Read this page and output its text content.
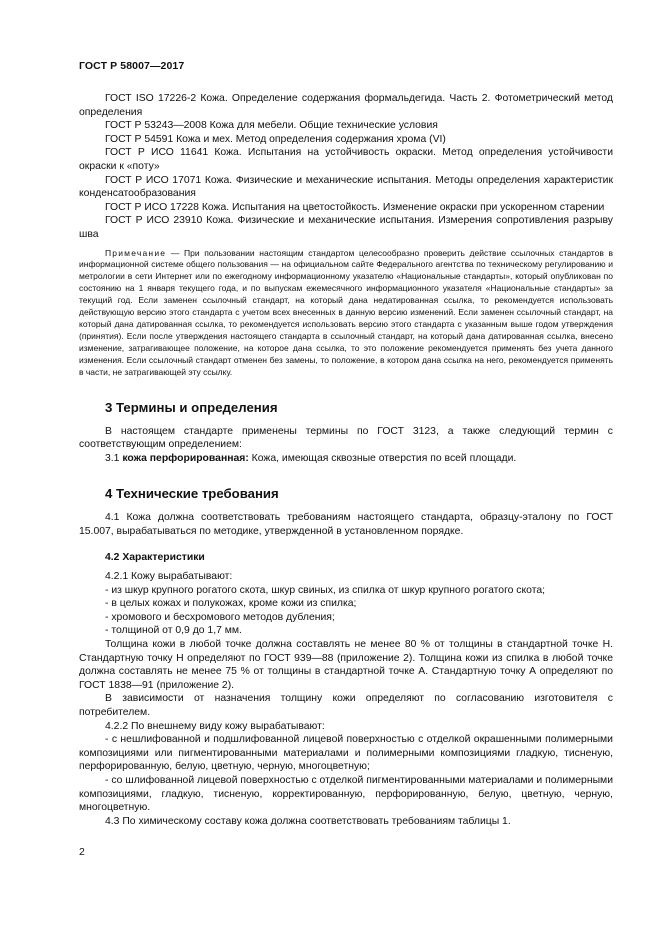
ГОСТ Р 58007—2017

ГОСТ ISO 17226-2 Кожа. Определение содержания формальдегида. Часть 2. Фотометрический метод определения

ГОСТ Р 53243—2008 Кожа для мебели. Общие технические условия

ГОСТ Р 54591 Кожа и мех. Метод определения содержания хрома (VI)

ГОСТ Р ИСО 11641 Кожа. Испытания на устойчивость окраски. Метод определения устойчивости окраски к «поту»

ГОСТ Р ИСО 17071 Кожа. Физические и механические испытания. Методы определения характеристик конденсатообразования

ГОСТ Р ИСО 17228 Кожа. Испытания на цветостойкость. Изменение окраски при ускоренном старении

ГОСТ Р ИСО 23910 Кожа. Физические и механические испытания. Измерения сопротивления разрыву шва

Примечание — При пользовании настоящим стандартом целесообразно проверить действие ссылочных стандартов в информационной системе общего пользования — на официальном сайте Федерального агентства по техническому регулированию и метрологии в сети Интернет или по ежегодному информационному указателю «Национальные стандарты», который опубликован по состоянию на 1 января текущего года, и по выпускам ежемесячного информационного указателя «Национальные стандарты» за текущий год. Если заменен ссылочный стандарт, на который дана недатированная ссылка, то рекомендуется использовать действующую версию этого стандарта с учетом всех внесенных в данную версию изменений. Если заменен ссылочный стандарт, на который дана датированная ссылка, то рекомендуется использовать версию этого стандарта с указанным выше годом утверждения (принятия). Если после утверждения настоящего стандарта в ссылочный стандарт, на который дана датированная ссылка, внесено изменение, затрагивающее положение, на которое дана ссылка, то это положение рекомендуется применять без учета данного изменения. Если ссылочный стандарт отменен без замены, то положение, в котором дана ссылка на него, рекомендуется применять в части, не затрагивающей эту ссылку.

3 Термины и определения

В настоящем стандарте применены термины по ГОСТ 3123, а также следующий термин с соответствующим определением:

3.1 кожа перфорированная: Кожа, имеющая сквозные отверстия по всей площади.

4 Технические требования

4.1 Кожа должна соответствовать требованиям настоящего стандарта, образцу-эталону по ГОСТ 15.007, вырабатываться по методике, утвержденной в установленном порядке.

4.2 Характеристики

4.2.1 Кожу вырабатывают:

- из шкур крупного рогатого скота, шкур свиных, из спилка от шкур крупного рогатого скота;

- в целых кожах и полукожах, кроме кожи из спилка;

- хромового и бесхромового методов дубления;

- толщиной от 0,9 до 1,7 мм.

Толщина кожи в любой точке должна составлять не менее 80 % от толщины в стандартной точке Н. Стандартную точку Н определяют по ГОСТ 939—88 (приложение 2). Толщина кожи из спилка в любой точке должна составлять не менее 75 % от толщины в стандартной точке А. Стандартную точку А определяют по ГОСТ 1838—91 (приложение 2).

В зависимости от назначения толщину кожи определяют по согласованию изготовителя с потребителем.

4.2.2 По внешнему виду кожу вырабатывают:

- с нешлифованной и подшлифованной лицевой поверхностью с отделкой окрашенными полимерными композициями или пигментированными материалами и полимерными композициями гладкую, тисненую, перфорированную, белую, цветную, черную, многоцветную;

- со шлифованной лицевой поверхностью с отделкой пигментированными материалами и полимерными композициями, гладкую, тисненую, корректированную, перфорированную, белую, цветную, черную, многоцветную.

4.3 По химическому составу кожа должна соответствовать требованиям таблицы 1.

2
